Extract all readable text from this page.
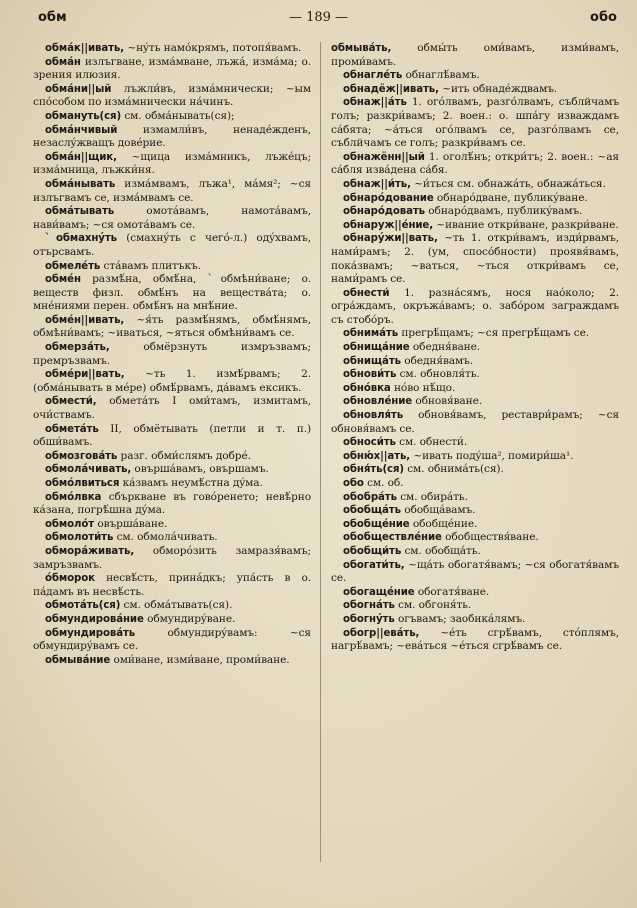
обм	— 189 —	обо
обмáк||ивать, ~нýть намóкрямъ, потопя́вамъ.
обмáн излъгване, измáмване, лъжá, измáма; о. зрения илюзия.
обмáни||ый лъжли́въ, измáмнически; ~ым спóсобом по измáмнически нáчинъ.
обмануть(ся) см. обмáнывать(ся);
обмáнчивый измамли́въ, ненадéжденъ, незаслýжващъ довéрие.
обмáн||щик, ~щица измáмникъ, лъжéцъ; измáмница, лъжки́ня.
обмáнывать измáмвамъ, лъжа¹, мáмя²; ~ся излъгвамъ се, измáмвамъ се.
обмáтывать омотáвамъ, намотáвамъ, нави́вамъ; ~ся омотáвамъ се.
ˋобмахнýть (смахнýть с чегó-л.) одýхвамъ, отърсвамъ.
обмелéть стáвамъ плитъкъ.
обмéн размѣ́на, обмѣ́на, ˋобмѣни́ване; о. веществ физл. обмѣ́нъ на веществáта; о. мнéниями перен. обмѣ́нъ на мнѣ́ние.
обмéн||ивать, ~я́ть размѣ́нямъ, обмѣ́нямъ, обмѣни́вамъ; ~иваться, ~яться обмѣни́вамъ се.
обмерзáть, обмёрзнуть измръзвамъ; премръзвамъ.
обмéри||вать, ~ть 1. измѣ́рвамъ; 2. (обмáнывать в мéре) обмѣ́рвамъ, дáвамъ ексикъ.
обмести́, обметáть I оми́тамъ, измитамъ, очи́ствамъ.
обметáть II, обмётывать (петли и т. п.) обши́вамъ.
обмозговáть разг. обми́слямъ добрé.
обмолáчивать, овършáвамъ, овършамъ.
обмóлвиться кáзвамъ неумѣ́стна дýма.
обмóлвка сбъркване въ говóренето; невѣ́рно кáзана, погрѣ́шна дýма.
обмолóт овършáване.
обмолоти́ть см. обмолáчивать.
обморáживать, обморóзить замразя́вамъ; замръзвамъ.
óбморок несвѣ́сть, принáдкъ; упáсть в о. пáдамъ въ несвѣ́сть.
обмотáть(ся) см. обмáтывать(ся).
обмундировáние обмундирýване.
обмундировáть обмундирýвамъ: ~ся обмундирýвамъ се.
обмывáние оми́ване, изми́ване, проми́ване.
обмывáть, обмы́ть оми́вамъ, изми́вамъ, проми́вамъ.
обнаглéть обнаглѣ́вамъ.
обнадёж||ивать, ~ить обнадéждвамъ.
обнаж||áть 1. огóлвамъ, разгóлвамъ, съблйчамъ голъ; разкри́вамъ; 2. воен.: о. шпáгу изваждамъ сáбята; ~áться огóлвамъ се, разгóлвамъ се, съблйчамъ се голъ; разкри́вамъ се.
обнажённ||ый 1. оголѣ́нъ; откри́тъ; 2. воен.: ~ая сáбля изва́дена сáбя.
обнаж||и́ть, ~и́ться см. обнажáть, обнажáться.
обнарóдование обнарóдване, публикýване.
обнарóдовать обнарóдвамъ, публикýвамъ.
обнаруж||éние, ~ивание откри́ване, разкри́ване.
обнарýжи||вать, ~ть 1. откри́вамъ, изди́рвамъ, нами́рамъ; 2. (ум, спосóбности) проявя́вамъ, покáзвамъ; ~ваться, ~ться откри́вамъ се, нами́рамъ се.
обнести́ 1. разнáсямъ, нося наóколо; 2. огрáждамъ, окръжáвамъ; о. забóром заграждамъ съ стобóръ.
обнимáть прегрѣ́щамъ; ~ся прегрѣ́щамъ се.
обнищáние обедня́ване.
обнищáть обедня́вамъ.
обнови́ть см. обновля́ть.
обнóвка нóво нѣ́що.
обновлéние обновя́ване.
обновля́ть обновя́вамъ, реставри́рамъ; ~ся обновя́вамъ се.
обноси́ть см. обнести́.
обню́х||ать, ~ивать подýша², помири́ша¹.
обня́ть(ся) см. обнимáть(ся).
обо см. об.
обобрáть см. обирáть.
обобщáть обобщáвамъ.
обобщéние обобщéние.
обобществлéние обобществя́ване.
обобщи́ть см. обобщáть.
обогати́ть, ~щáть обогатя́вамъ; ~ся обогатя́вамъ се.
обогащéние обогатя́ване.
обогнáть см. обгоня́ть.
обогнýть огъвамъ; заобикáлямъ.
обогр||евáть, ~éть сгрѣ́вамъ, стóплямъ, нагрѣ́вамъ; ~евáться ~éться сгрѣ́вамъ се.
